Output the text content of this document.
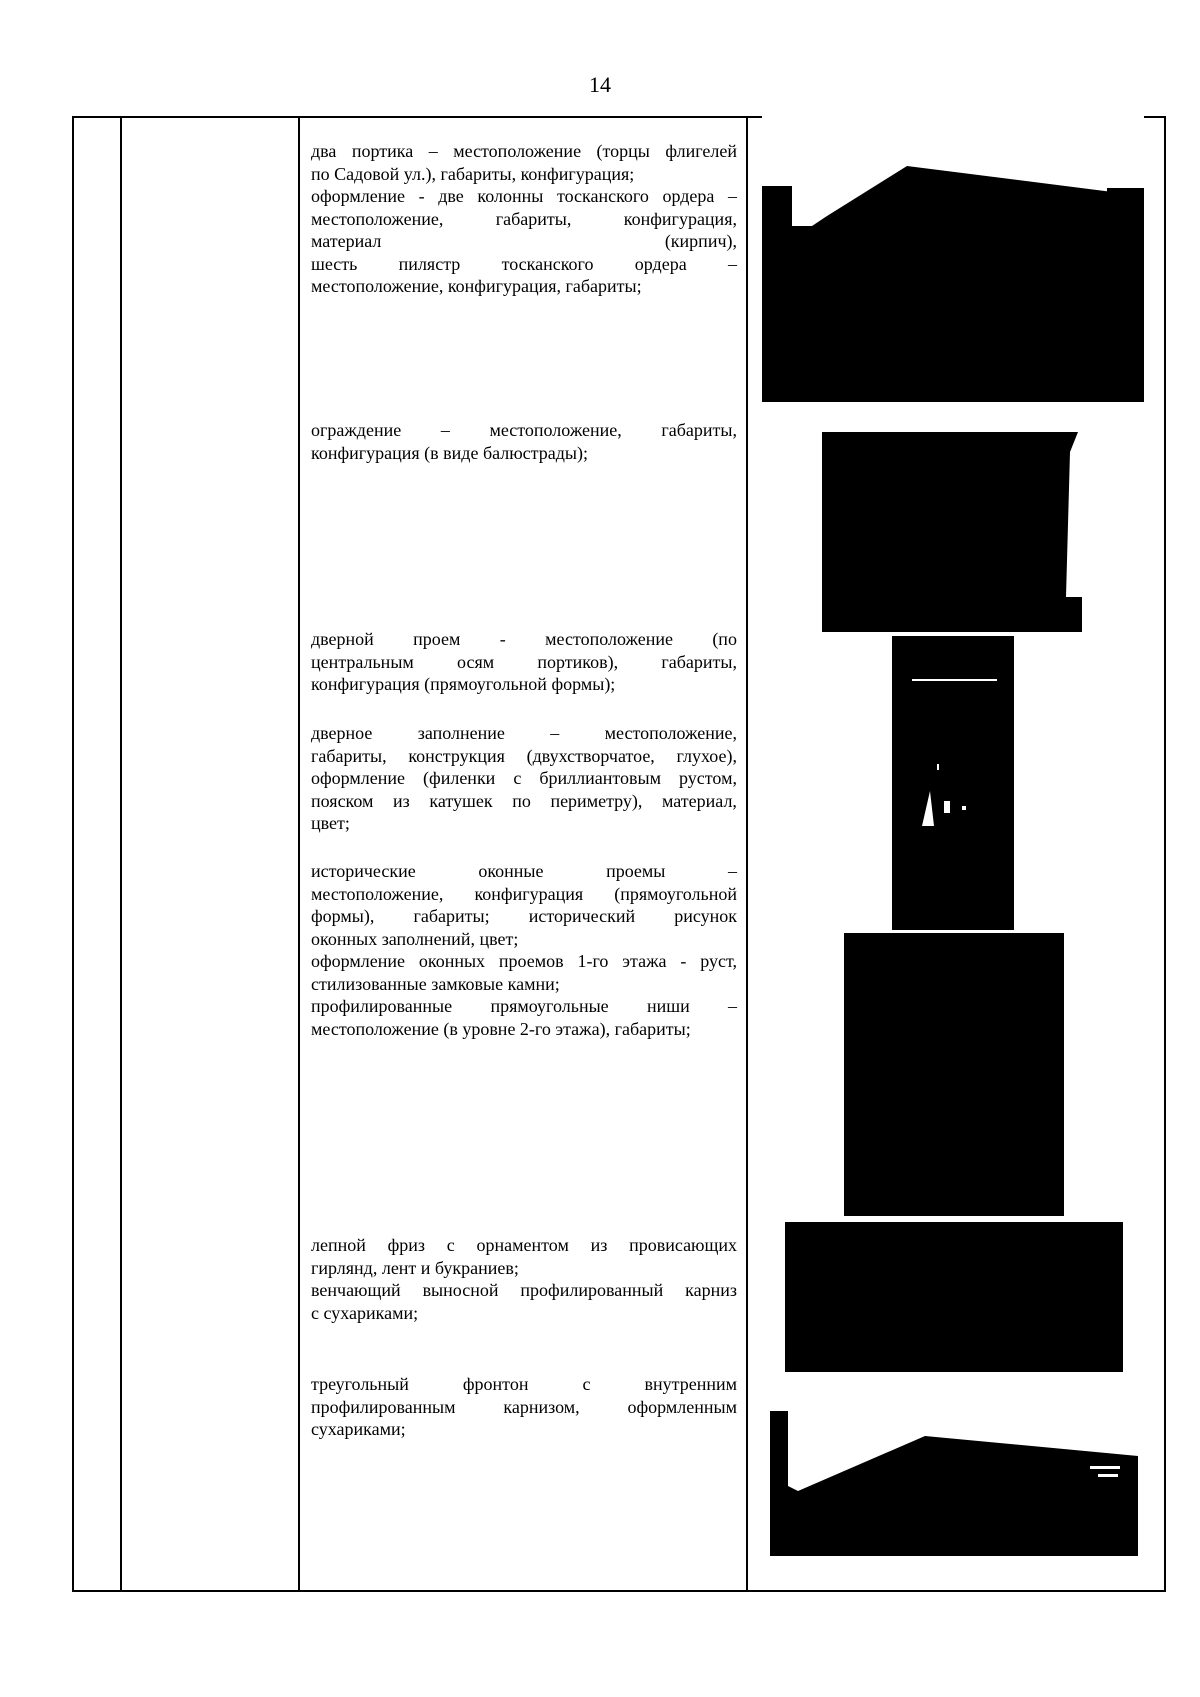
14
два портика – местоположение (торцы флигелей
по Садовой ул.), габариты, конфигурация;
оформление - две колонны тосканского ордера –
местоположение,	габариты,	конфигурация,
материал	(кирпич),
шесть пилястр тосканского ордера –
местоположение, конфигурация, габариты;
ограждение – местоположение, габариты,
конфигурация (в виде балюстрады);
дверной проем - местоположение (по
центральным осям портиков), габариты,
конфигурация (прямоугольной формы);
дверное	заполнение	–	местоположение,
габариты, конструкция (двухстворчатое, глухое),
оформление (филенки с бриллиантовым рустом,
пояском из катушек по периметру), материал,
цвет;
исторические	оконные	проемы	–
местоположение, конфигурация (прямоугольной
формы), габариты; исторический рисунок
оконных заполнений, цвет;
оформление оконных проемов 1-го этажа - руст,
стилизованные замковые камни;
профилированные прямоугольные ниши –
местоположение (в уровне 2-го этажа), габариты;
лепной фриз с орнаментом из провисающих
гирлянд, лент и букраниев;
венчающий выносной профилированный карниз
с сухариками;
треугольный	фронтон	с	внутренним
профилированным	карнизом,	оформленным
сухариками;
